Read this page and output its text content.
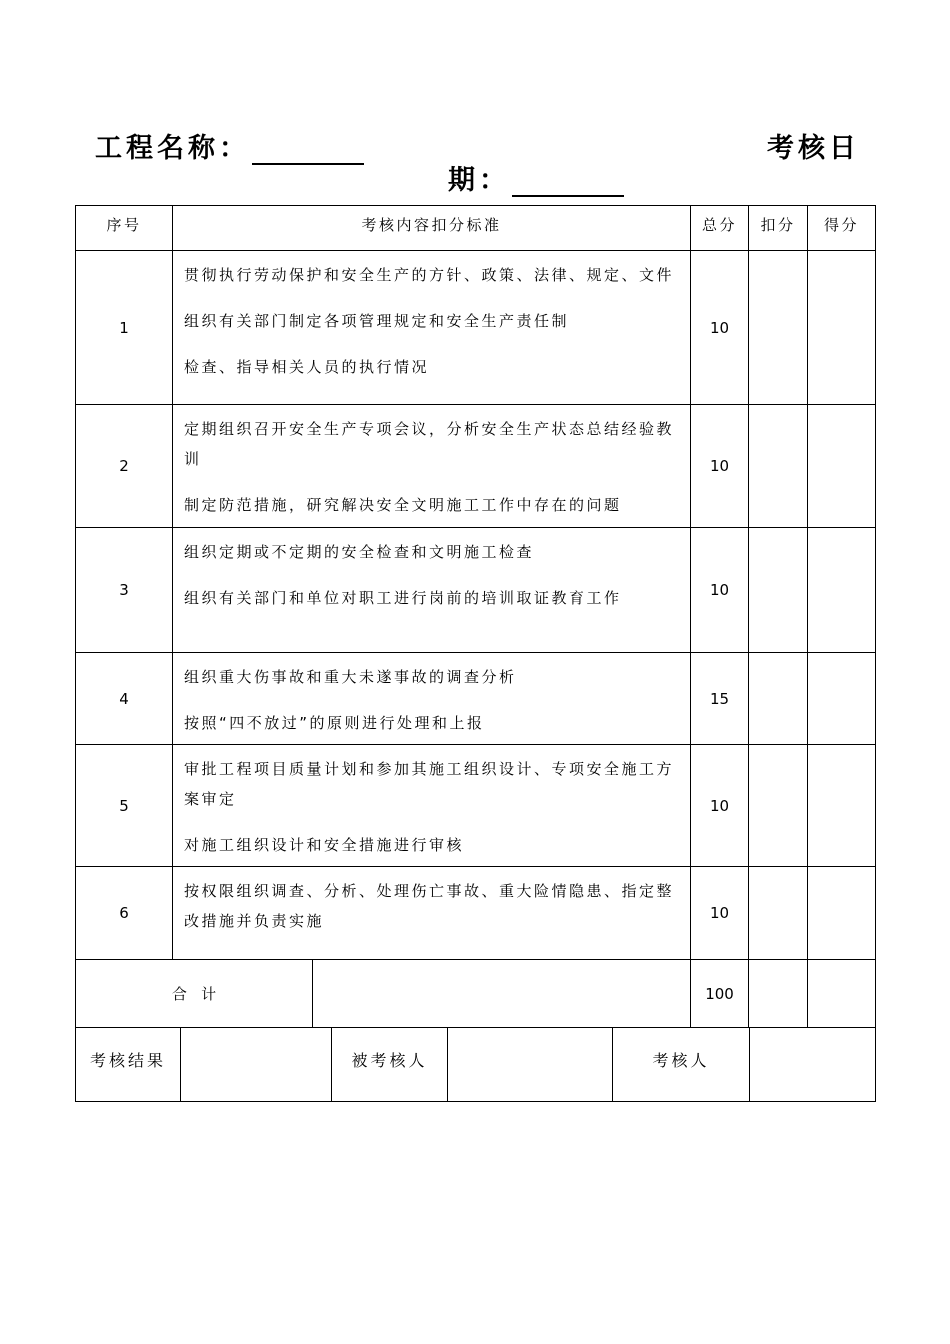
工程名称：	考核日
期：
序号	考核内容扣分标准		总分	扣分	得分
1	贯彻执行劳动保护和安全生产的方针、政策、法律、规定、文件
组织有关部门制定各项管理规定和安全生产责任制
检查、指导相关人员的执行情况		10		
2	定期组织召开安全生产专项会议，分析安全生产状态总结经验教训
制定防范措施，研究解决安全文明施工工作中存在的问题		10		
3	组织定期或不定期的安全检查和文明施工检查
组织有关部门和单位对职工进行岗前的培训取证教育工作		10		
4	组织重大伤事故和重大未遂事故的调查分析
按照“四不放过”的原则进行处理和上报		15		
5	审批工程项目质量计划和参加其施工组织设计、专项安全施工方案审定
对施工组织设计和安全措施进行审核		10		
6	按权限组织调查、分析、处理伤亡事故、重大险情隐患、指定整改措施并负责实施		10		
合   计			100		
考核结果		被考核人		考核人	
